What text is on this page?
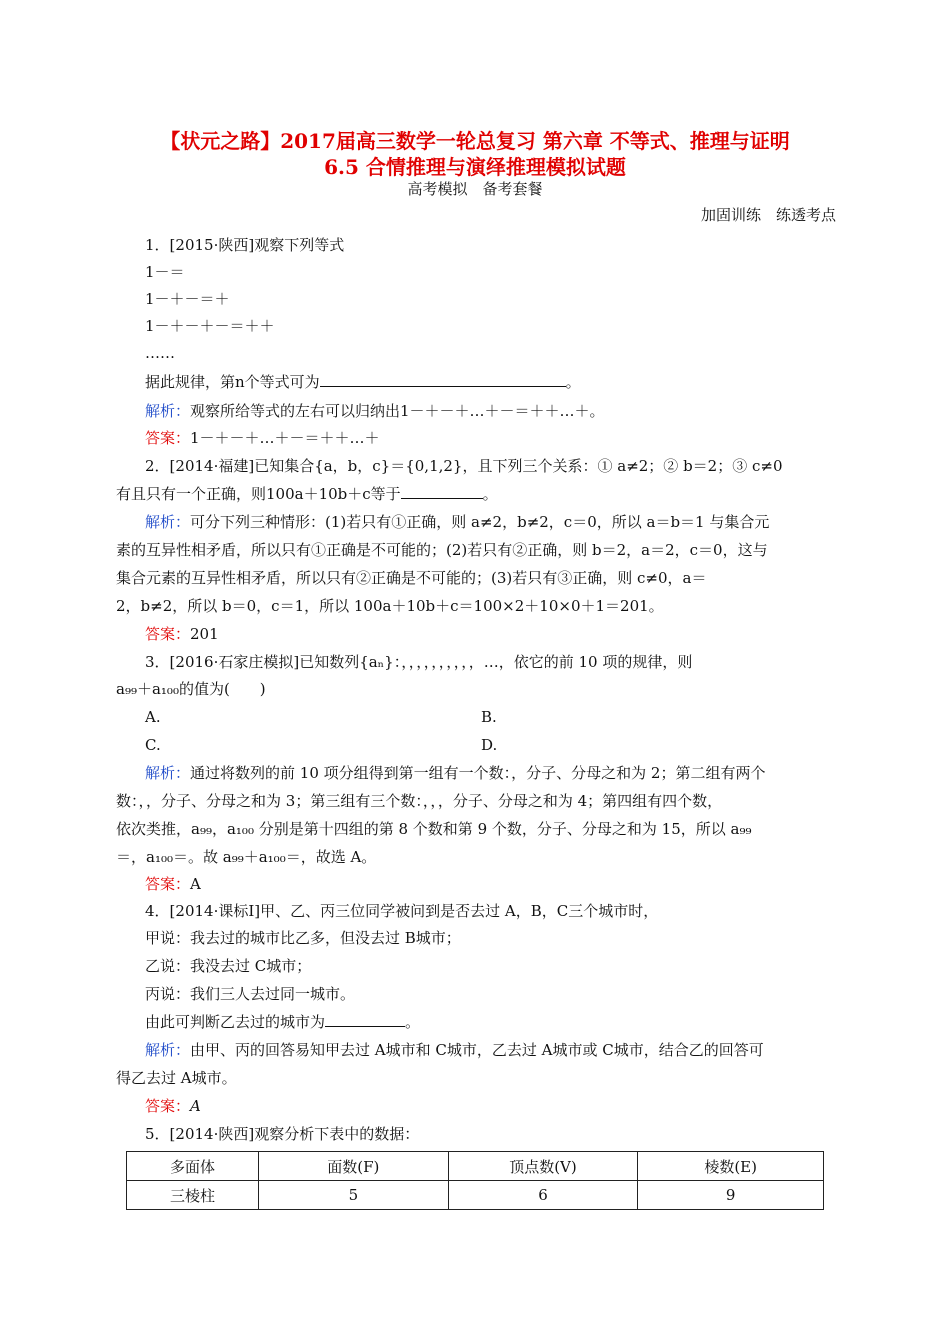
【状元之路】2017届高三数学一轮总复习 第六章 不等式、推理与证明
6.5 合情推理与演绎推理模拟试题
高考模拟　备考套餐
加固训练　练透考点
1．[2015·陕西]观察下列等式
1－＝
1－＋－＝＋
1－＋－＋－＝＋＋
……
据此规律，第n个等式可为	。
解析：观察所给等式的左右可以归纳出1－＋－＋…＋－＝＋＋…＋。
答案：1－＋－＋…＋－＝＋＋…＋
2．[2014·福建]已知集合{a，b，c}＝{0,1,2}，且下列三个关系：① a≠2；② b＝2；③ c≠0
有且只有一个正确，则100a＋10b＋c等于	。
解析：可分下列三种情形：(1)若只有①正确，则 a≠2，b≠2，c＝0，所以 a＝b＝1 与集合元
素的互异性相矛盾，所以只有①正确是不可能的；(2)若只有②正确，则 b＝2，a＝2，c＝0，这与
集合元素的互异性相矛盾，所以只有②正确是不可能的；(3)若只有③正确，则 c≠0，a＝
2，b≠2，所以 b＝0，c＝1，所以 100a＋10b＋c＝100×2＋10×0＋1＝201。
答案：201
3．[2016·石家庄模拟]已知数列{aₙ}：，，，，，，，，，，…，依它的前 10 项的规律，则
a₉₉＋a₁₀₀的值为(　　)
A.	B.
C.	D.
解析：通过将数列的前 10 项分组得到第一组有一个数：，分子、分母之和为 2；第二组有两个
数：，，分子、分母之和为 3；第三组有三个数：，，，分子、分母之和为 4；第四组有四个数，
依次类推，a₉₉，a₁₀₀ 分别是第十四组的第 8 个数和第 9 个数，分子、分母之和为 15，所以 a₉₉
＝，a₁₀₀＝。故 a₉₉＋a₁₀₀＝，故选 A。
答案：A
4．[2014·课标Ⅰ]甲、乙、丙三位同学被问到是否去过 A，B，C三个城市时，
甲说：我去过的城市比乙多，但没去过 B城市；
乙说：我没去过 C城市；
丙说：我们三人去过同一城市。
由此可判断乙去过的城市为	。
解析：由甲、丙的回答易知甲去过 A城市和 C城市，乙去过 A城市或 C城市，结合乙的回答可
得乙去过 A城市。
答案：A
5．[2014·陕西]观察分析下表中的数据：
多面体	面数(F)	顶点数(V)	棱数(E)
三棱柱	5	6	9
